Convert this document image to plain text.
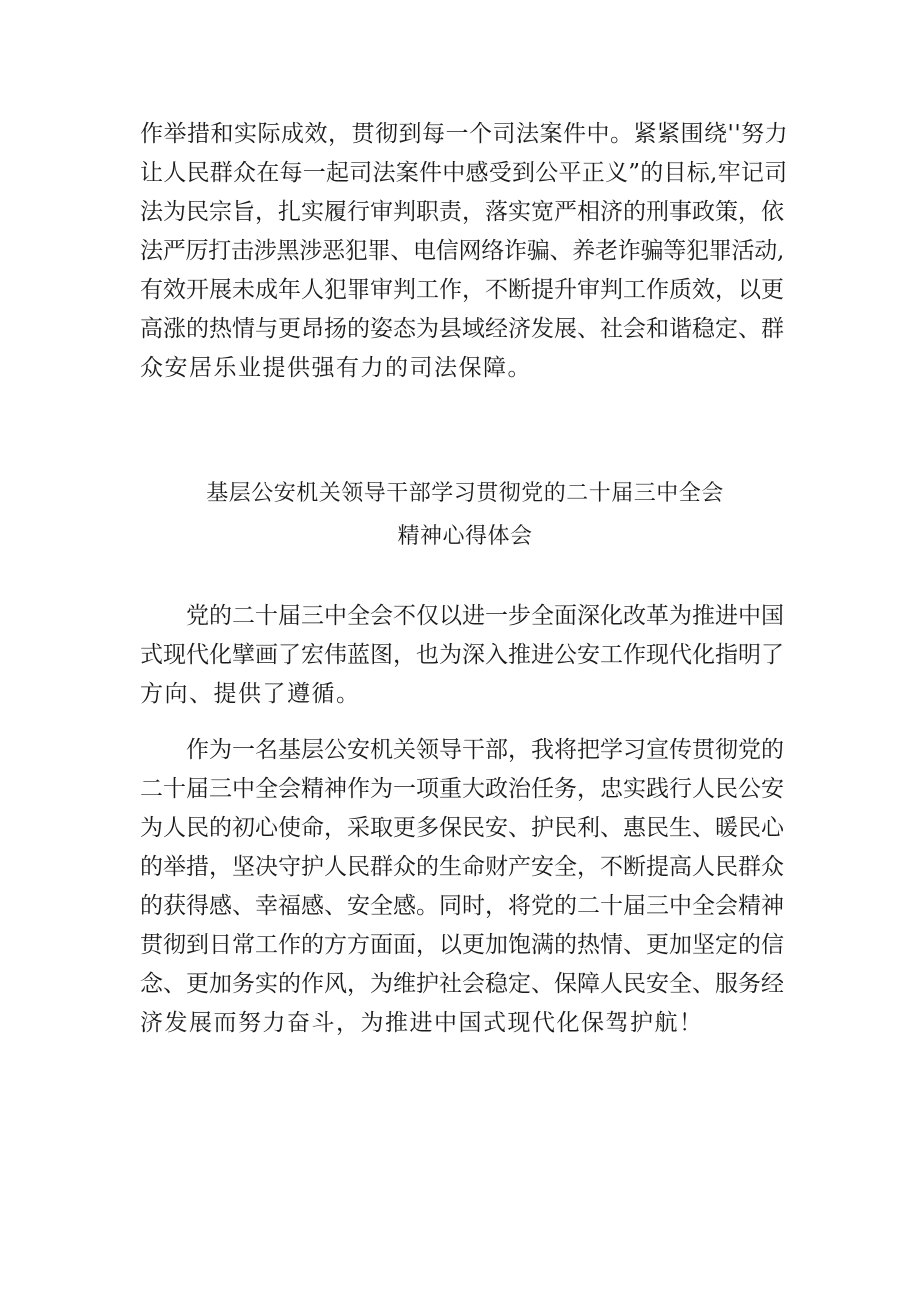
作举措和实际成效，贯彻到每一个司法案件中。紧紧围绕''努力
让人民群众在每一起司法案件中感受到公平正义”的目标,牢记司
法为民宗旨，扎实履行审判职责，落实宽严相济的刑事政策，依
法严厉打击涉黑涉恶犯罪、电信网络诈骗、养老诈骗等犯罪活动,
有效开展未成年人犯罪审判工作，不断提升审判工作质效，以更
高涨的热情与更昂扬的姿态为县域经济发展、社会和谐稳定、群
众安居乐业提供强有力的司法保障。
基层公安机关领导干部学习贯彻党的二十届三中全会
精神心得体会
党的二十届三中全会不仅以进一步全面深化改革为推进中国
式现代化擘画了宏伟蓝图，也为深入推进公安工作现代化指明了
方向、提供了遵循。
作为一名基层公安机关领导干部，我将把学习宣传贯彻党的
二十届三中全会精神作为一项重大政治任务，忠实践行人民公安
为人民的初心使命，采取更多保民安、护民利、惠民生、暖民心
的举措，坚决守护人民群众的生命财产安全，不断提高人民群众
的获得感、幸福感、安全感。同时，将党的二十届三中全会精神
贯彻到日常工作的方方面面，以更加饱满的热情、更加坚定的信
念、更加务实的作风，为维护社会稳定、保障人民安全、服务经
济发展而努力奋斗，为推进中国式现代化保驾护航！
